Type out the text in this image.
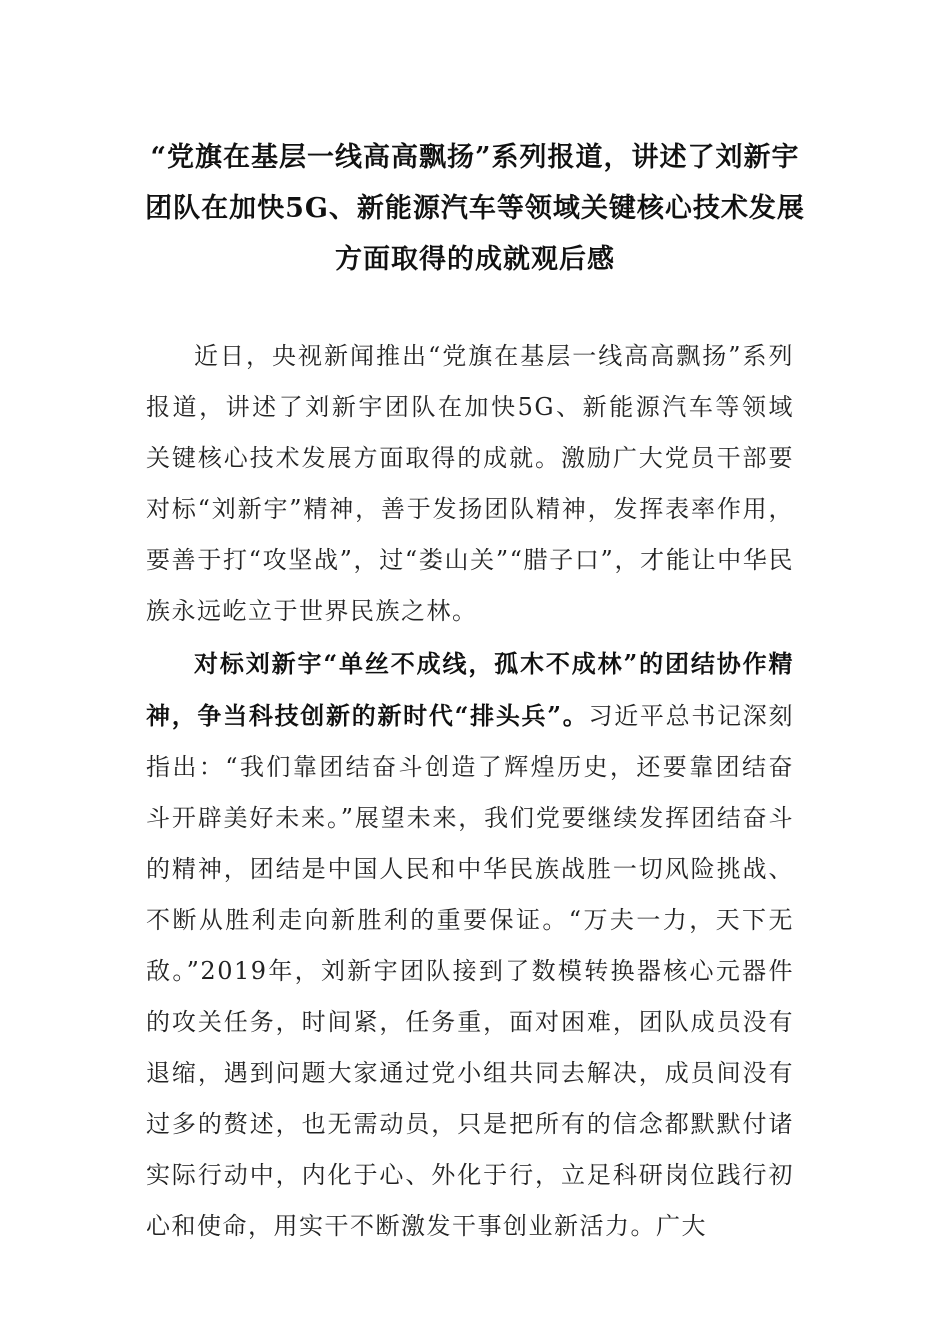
“党旗在基层一线高高飘扬”系列报道，讲述了刘新宇团队在加快5G、新能源汽车等领域关键核心技术发展方面取得的成就观后感

近日，央视新闻推出“党旗在基层一线高高飘扬”系列报道，讲述了刘新宇团队在加快5G、新能源汽车等领域关键核心技术发展方面取得的成就。激励广大党员干部要对标“刘新宇”精神，善于发扬团队精神，发挥表率作用，要善于打“攻坚战”，过“娄山关”“腊子口”，才能让中华民族永远屹立于世界民族之林。

对标刘新宇“单丝不成线，孤木不成林”的团结协作精神，争当科技创新的新时代“排头兵”。习近平总书记深刻指出：“我们靠团结奋斗创造了辉煌历史，还要靠团结奋斗开辟美好未来。”展望未来，我们党要继续发挥团结奋斗的精神，团结是中国人民和中华民族战胜一切风险挑战、不断从胜利走向新胜利的重要保证。“万夫一力，天下无敌。”2019年，刘新宇团队接到了数模转换器核心元器件的攻关任务，时间紧，任务重，面对困难，团队成员没有退缩，遇到问题大家通过党小组共同去解决，成员间没有过多的赘述，也无需动员，只是把所有的信念都默默付诸实际行动中，内化于心、外化于行，立足科研岗位践行初心和使命，用实干不断激发干事创业新活力。广大
